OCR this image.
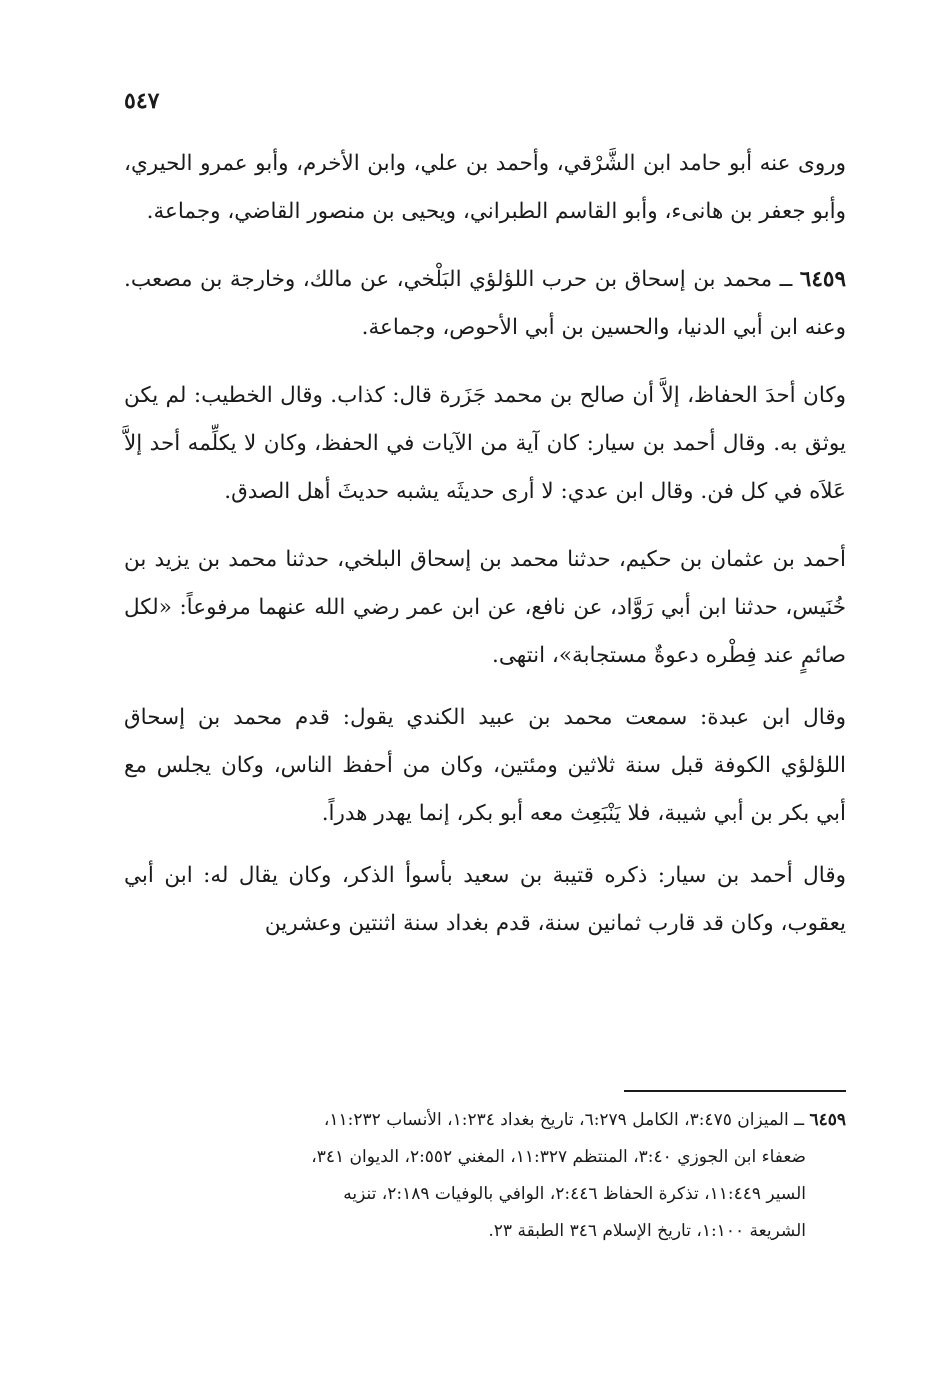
٥٤٧

وروى عنه أبو حامد ابن الشَّرْقي، وأحمد بن علي، وابن الأخرم، وأبو عمرو الحيري، وأبو جعفر بن هانىء، وأبو القاسم الطبراني، ويحيى بن منصور القاضي، وجماعة.

٦٤٥٩ ــ محمد بن إسحاق بن حرب اللؤلؤي البَلْخي، عن مالك، وخارجة بن مصعب. وعنه ابن أبي الدنيا، والحسين بن أبي الأحوص، وجماعة.

وكان أحدَ الحفاظ، إلاَّ أن صالح بن محمد جَزَرة قال: كذاب. وقال الخطيب: لم يكن يوثق به. وقال أحمد بن سيار: كان آية من الآيات في الحفظ، وكان لا يكلِّمه أحد إلاَّ عَلاَه في كل فن. وقال ابن عدي: لا أرى حديثَه يشبه حديثَ أهل الصدق.

أحمد بن عثمان بن حكيم، حدثنا محمد بن إسحاق البلخي، حدثنا محمد بن يزيد بن خُنَيس، حدثنا ابن أبي رَوَّاد، عن نافع، عن ابن عمر رضي الله عنهما مرفوعاً: «لكل صائمٍ عند فِطْره دعوةٌ مستجابة»، انتهى.

وقال ابن عبدة: سمعت محمد بن عبيد الكندي يقول: قدم محمد بن إسحاق اللؤلؤي الكوفة قبل سنة ثلاثين ومئتين، وكان من أحفظ الناس، وكان يجلس مع أبي بكر بن أبي شيبة، فلا يَنْبَعِث معه أبو بكر، إنما يهدر هدراً.

وقال أحمد بن سيار: ذكره قتيبة بن سعيد بأسوأ الذكر، وكان يقال له: ابن أبي يعقوب، وكان قد قارب ثمانين سنة، قدم بغداد سنة اثنتين وعشرين

٦٤٥٩ ــ الميزان ٣:٤٧٥، الكامل ٦:٢٧٩، تاريخ بغداد ١:٢٣٤، الأنساب ١١:٢٣٢،

ضعفاء ابن الجوزي ٣:٤٠، المنتظم ١١:٣٢٧، المغني ٢:٥٥٢، الديوان ٣٤١،

السير ١١:٤٤٩، تذكرة الحفاظ ٢:٤٤٦، الوافي بالوفيات ٢:١٨٩، تنزيه

الشريعة ١:١٠٠، تاريخ الإسلام ٣٤٦ الطبقة ٢٣.
